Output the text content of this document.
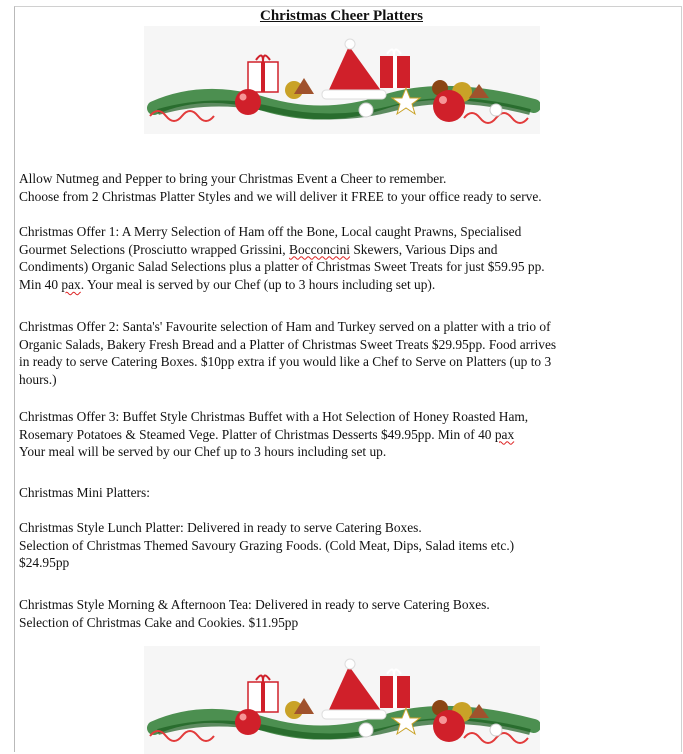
Christmas Cheer Platters
Allow Nutmeg and Pepper to bring your Christmas Event a Cheer to remember.
Choose from 2 Christmas Platter Styles and we will deliver it FREE to your office ready to serve.
Christmas Offer 1: A Merry Selection of Ham off the Bone, Local caught Prawns, Specialised
Gourmet Selections (Prosciutto wrapped Grissini, Bocconcini Skewers, Various Dips and
Condiments) Organic Salad Selections plus a platter of Christmas Sweet Treats for just $59.95 pp.
Min 40 pax. Your meal is served by our Chef (up to 3 hours including set up).
Christmas Offer 2: Santa's' Favourite selection of Ham and Turkey served on a platter with a trio of
Organic Salads, Bakery Fresh Bread and a Platter of Christmas Sweet Treats $29.95pp. Food arrives
in ready to serve Catering Boxes. $10pp extra if you would like a Chef to Serve on Platters (up to 3
hours.)
Christmas Offer 3: Buffet Style Christmas Buffet with a Hot Selection of Honey Roasted Ham,
Rosemary Potatoes & Steamed Vege. Platter of Christmas Desserts $49.95pp. Min of 40 pax
Your meal will be served by our Chef up to 3 hours including set up.
Christmas Mini Platters:
Christmas Style Lunch Platter: Delivered in ready to serve Catering Boxes.
Selection of Christmas Themed Savoury Grazing Foods. (Cold Meat, Dips, Salad items etc.)
$24.95pp
Christmas Style Morning & Afternoon Tea: Delivered in ready to serve Catering Boxes.
Selection of Christmas Cake and Cookies. $11.95pp
